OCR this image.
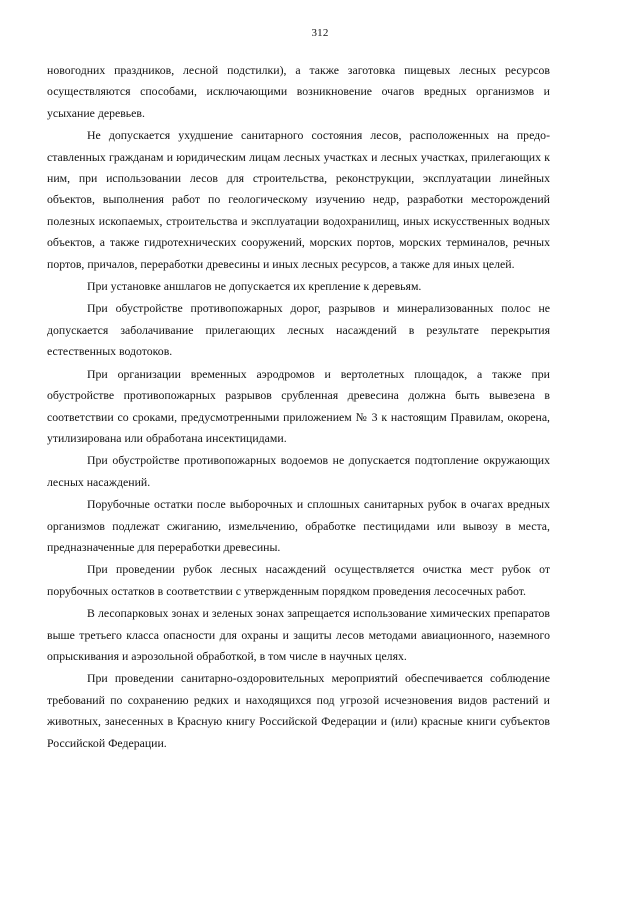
312

новогодних праздников, лесной подстилки), а также заготовка пищевых лесных ресурсов осуществляются способами, исключающими возникновение очагов вредных организмов и усыхание деревьев.

Не допускается ухудшение санитарного состояния лесов, расположенных на предоставленных гражданам и юридическим лицам лесных участках и лесных участках, прилегающих к ним, при использовании лесов для строительства, реконструкции, эксплуатации линейных объектов, выполнения работ по геологическому изучению недр, разработки месторождений полезных ископаемых, строительства и эксплуатации водохранилищ, иных искусственных водных объектов, а также гидротехнических сооружений, морских портов, морских терминалов, речных портов, причалов, переработки древесины и иных лесных ресурсов, а также для иных целей.

При установке аншлагов не допускается их крепление к деревьям.

При обустройстве противопожарных дорог, разрывов и минерализованных полос не допускается заболачивание прилегающих лесных насаждений в результате перекрытия естественных водотоков.

При организации временных аэродромов и вертолетных площадок, а также при обустройстве противопожарных разрывов срубленная древесина должна быть вывезена в соответствии со сроками, предусмотренными приложением № 3 к настоящим Правилам, окорена, утилизирована или обработана инсектицидами.

При обустройстве противопожарных водоемов не допускается подтопление окружающих лесных насаждений.

Порубочные остатки после выборочных и сплошных санитарных рубок в очагах вредных организмов подлежат сжиганию, измельчению, обработке пестицидами или вывозу в места, предназначенные для переработки древесины.

При проведении рубок лесных насаждений осуществляется очистка мест рубок от порубочных остатков в соответствии с утвержденным порядком проведения лесосечных работ.

В лесопарковых зонах и зеленых зонах запрещается использование химических препаратов выше третьего класса опасности для охраны и защиты лесов методами авиационного, наземного опрыскивания и аэрозольной обработкой, в том числе в научных целях.

При проведении санитарно-оздоровительных мероприятий обеспечивается соблюдение требований по сохранению редких и находящихся под угрозой исчезновения видов растений и животных, занесенных в Красную книгу Российской Федерации и (или) красные книги субъектов Российской Федерации.
